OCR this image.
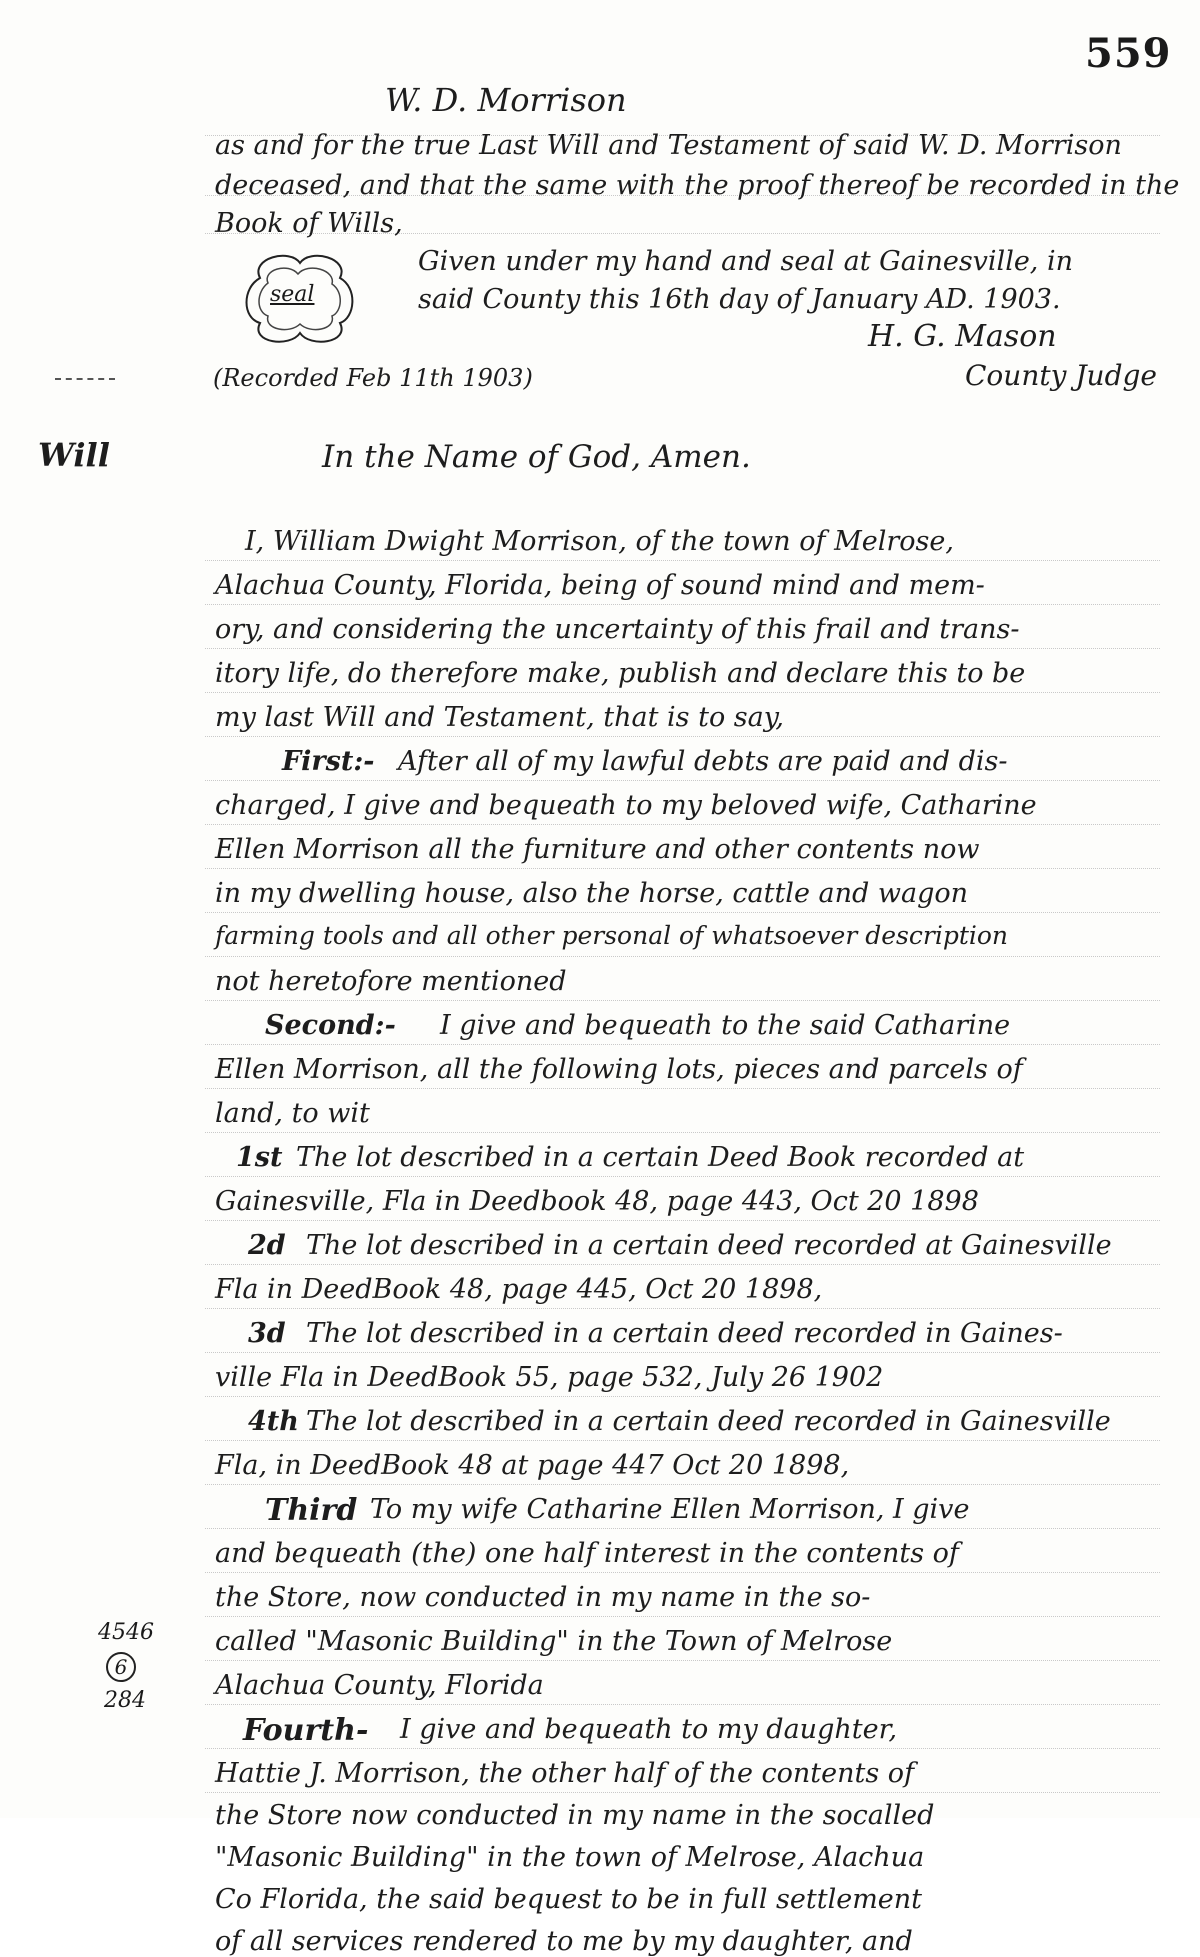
559
W. D. Morrison
as and for the true Last Will and Testament of said W. D. Morrison
deceased, and that the same with the proof thereof be recorded in the
Book of Wills,
seal
Given under my hand and seal at Gainesville, in
said County this 16th day of January AD. 1903.
H. G. Mason
County Judge
(Recorded Feb 11th 1903)
Will	In the Name of God, Amen.
I, William Dwight Morrison, of the town of Melrose,
Alachua County, Florida, being of sound mind and mem-
ory, and considering the uncertainty of this frail and trans-
itory life, do therefore make, publish and declare this to be
my last Will and Testament, that is to say,
First:- After all of my lawful debts are paid and dis-
charged, I give and bequeath to my beloved wife, Catharine
Ellen Morrison all the furniture and other contents now
in my dwelling house, also the horse, cattle and wagon
farming tools and all other personal of whatsoever description
not heretofore mentioned
Second:- I give and bequeath to the said Catharine
Ellen Morrison, all the following lots, pieces and parcels of
land, to wit
1st The lot described in a certain Deed Book recorded at
Gainesville, Fla in Deedbook 48, page 443, Oct 20 1898
2d The lot described in a certain deed recorded at Gainesville
Fla in DeedBook 48, page 445, Oct 20 1898,
3d The lot described in a certain deed recorded in Gaines-
ville Fla in DeedBook 55, page 532, July 26 1902
4th The lot described in a certain deed recorded in Gainesville
Fla, in DeedBook 48 at page 447 Oct 20 1898,
Third To my wife Catharine Ellen Morrison, I give
and bequeath (the) one half interest in the contents of
the Store, now conducted in my name in the so-
called "Masonic Building" in the Town of Melrose
Alachua County, Florida
Fourth- I give and bequeath to my daughter,
Hattie J. Morrison, the other half of the contents of
the Store now conducted in my name in the socalled
"Masonic Building" in the town of Melrose, Alachua
Co Florida, the said bequest to be in full settlement
of all services rendered to me by my daughter, and
4546
6
284
